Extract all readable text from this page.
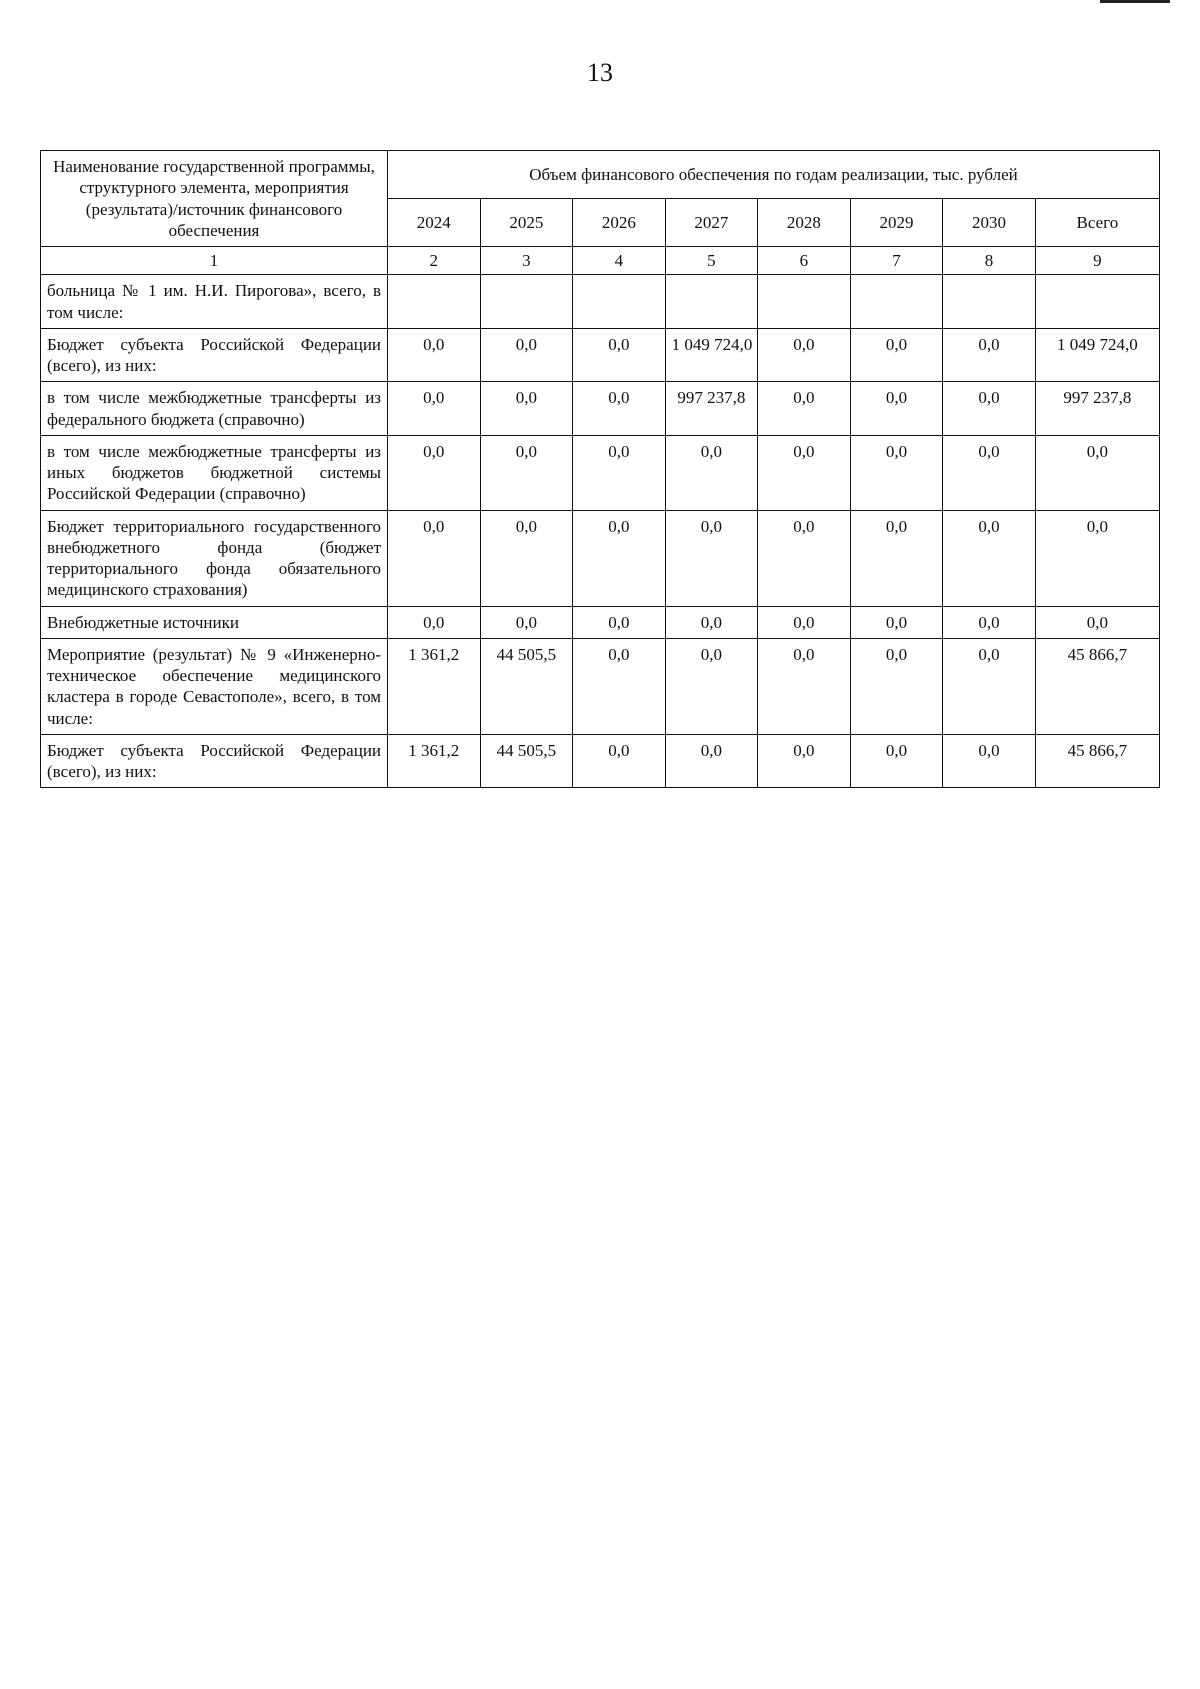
13
Наименование государственной программы, структурного элемента, мероприятия (результата)/источник финансового обеспечения	Объем финансового обеспечения по годам реализации, тыс. рублей							
	2024	2025	2026	2027	2028	2029	2030	Всего
1	2	3	4	5	6	7	8	9
больница № 1 им. Н.И. Пирогова», всего, в том числе:								
Бюджет субъекта Российской Федерации (всего), из них:	0,0	0,0	0,0	1 049 724,0	0,0	0,0	0,0	1 049 724,0
в том числе межбюджетные трансферты из федерального бюджета (справочно)	0,0	0,0	0,0	997 237,8	0,0	0,0	0,0	997 237,8
в том числе межбюджетные трансферты из иных бюджетов бюджетной системы Российской Федерации (справочно)	0,0	0,0	0,0	0,0	0,0	0,0	0,0	0,0
Бюджет территориального государственного внебюджетного фонда (бюджет территориального фонда обязательного медицинского страхования)	0,0	0,0	0,0	0,0	0,0	0,0	0,0	0,0
Внебюджетные источники	0,0	0,0	0,0	0,0	0,0	0,0	0,0	0,0
Мероприятие (результат) № 9 «Инженерно-техническое обеспечение медицинского кластера в городе Севастополе», всего, в том числе:	1 361,2	44 505,5	0,0	0,0	0,0	0,0	0,0	45 866,7
Бюджет субъекта Российской Федерации (всего), из них:	1 361,2	44 505,5	0,0	0,0	0,0	0,0	0,0	45 866,7
